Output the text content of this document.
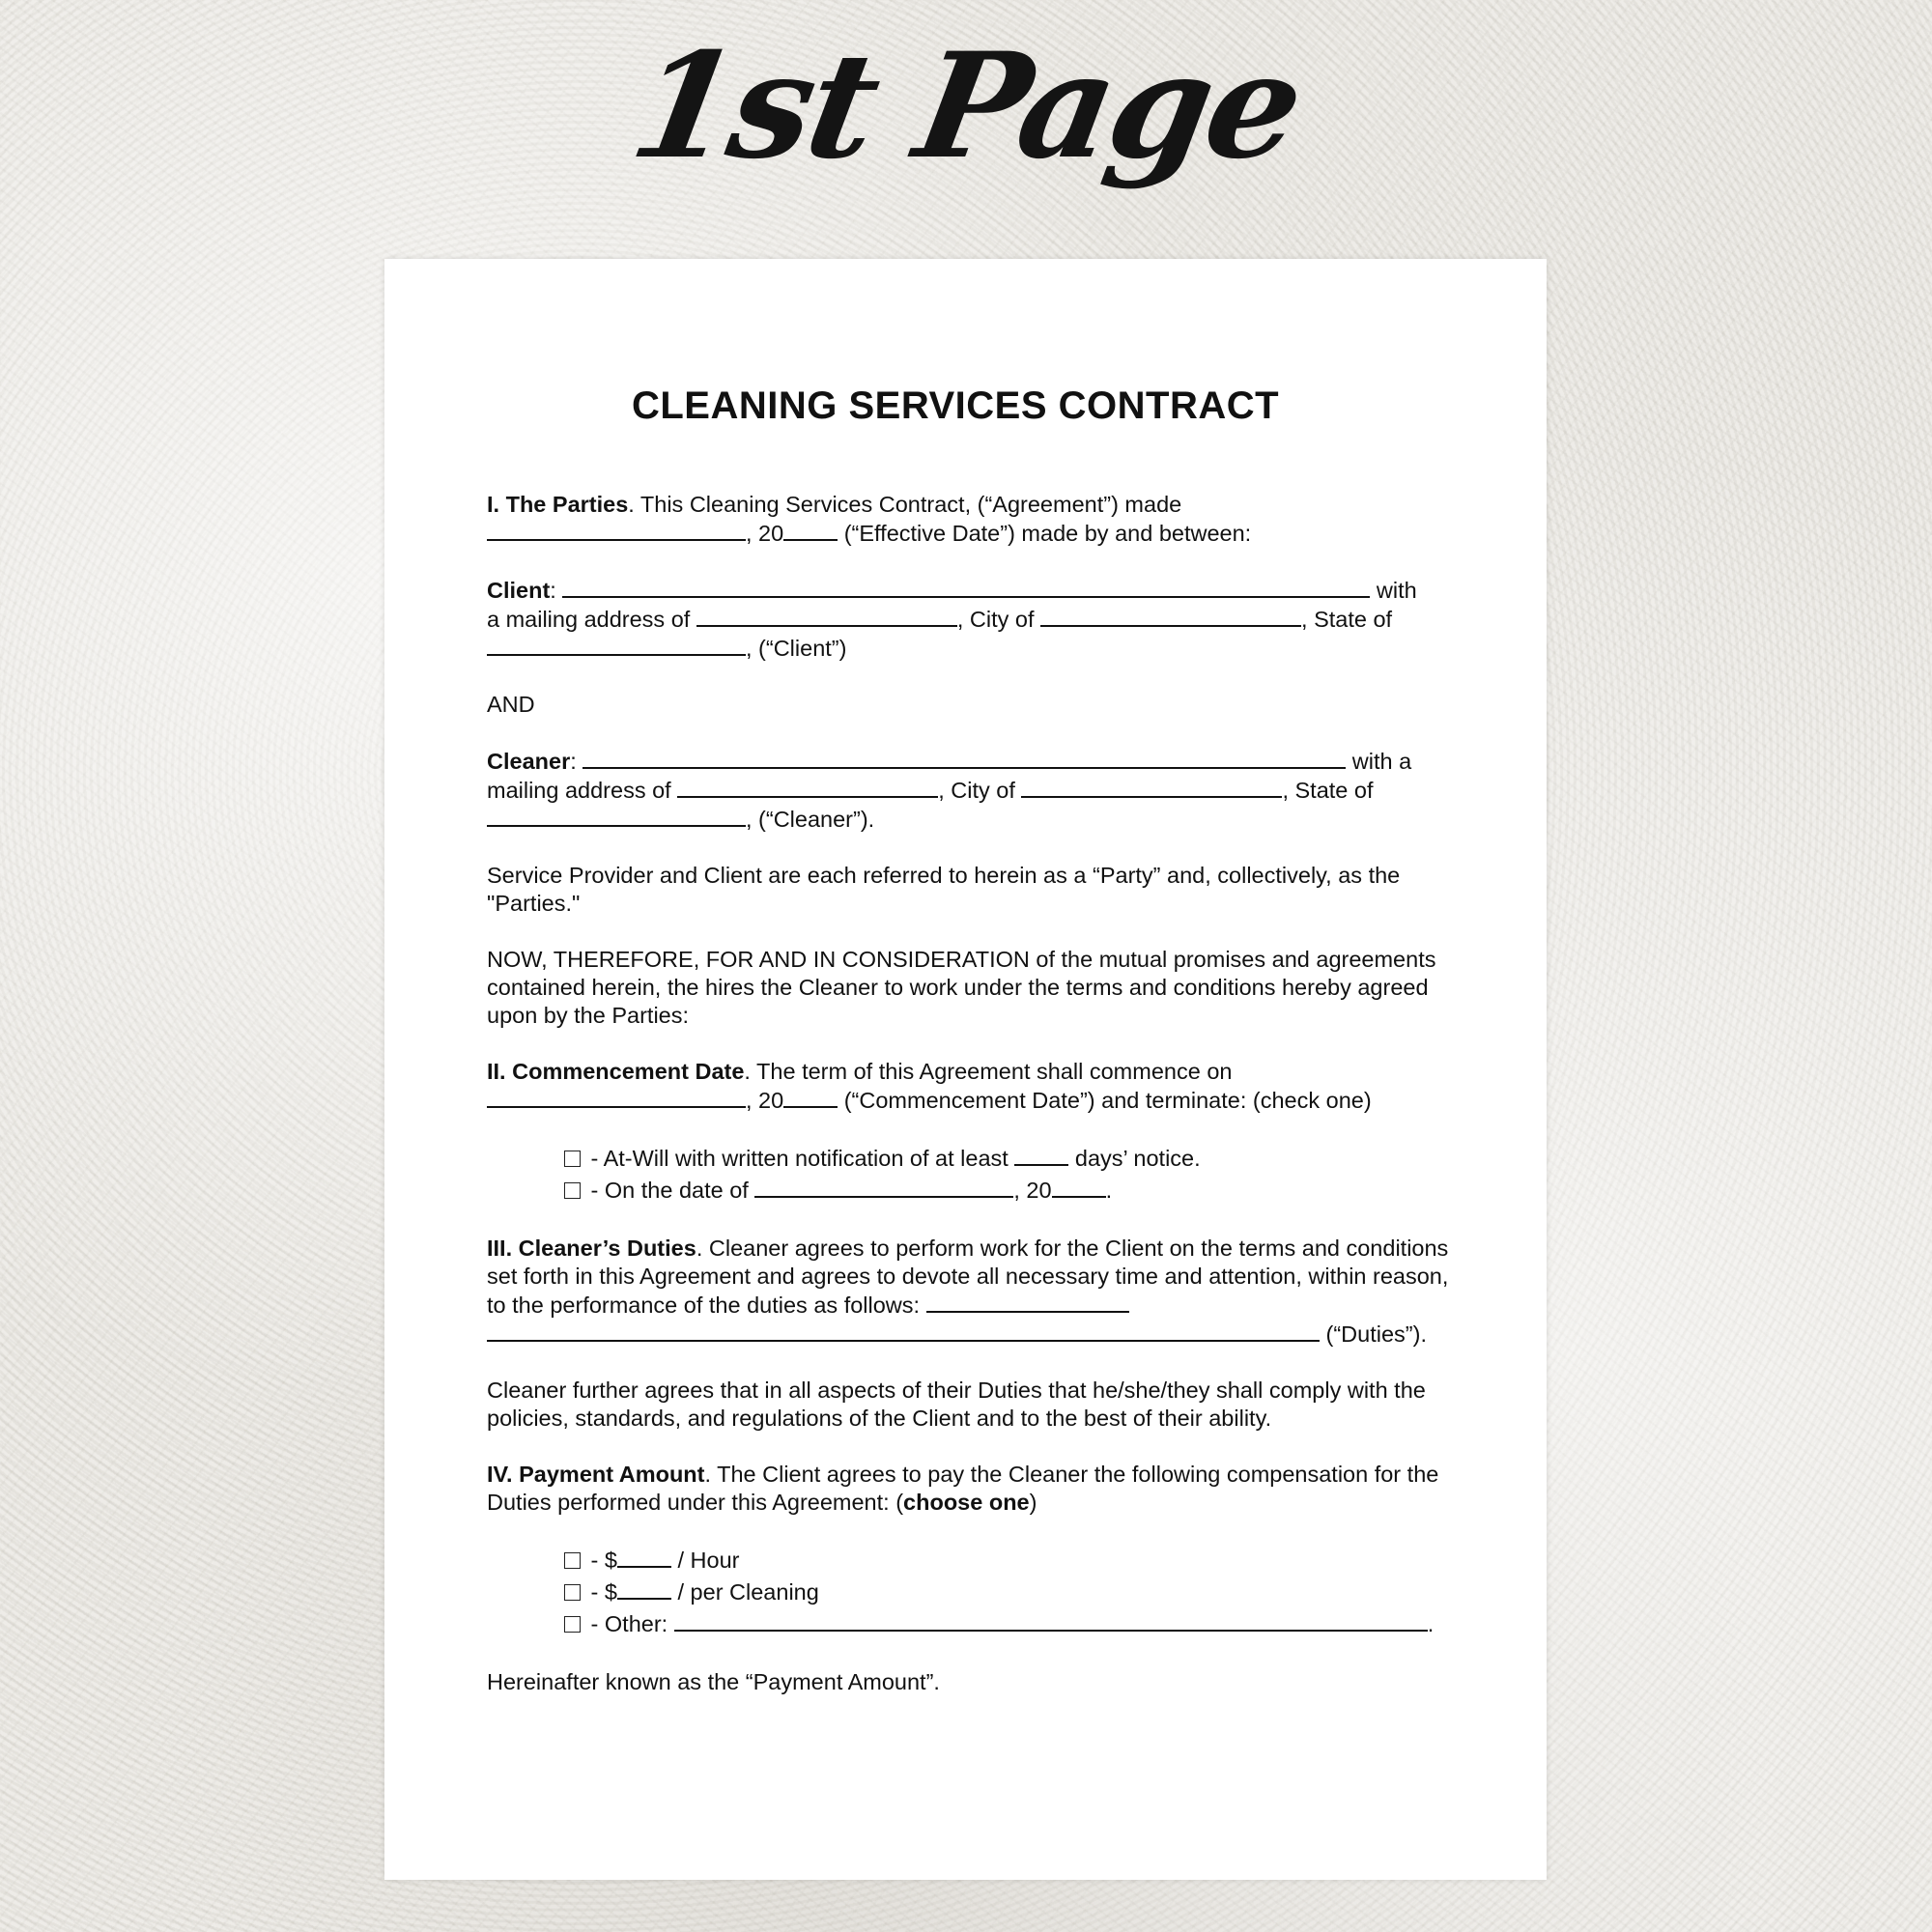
1st Page
CLEANING SERVICES CONTRACT

I. The Parties. This Cleaning Services Contract, (“Agreement”) made
, 20 (“Effective Date”) made by and between:

Client:	with
a mailing address of	, City of	, State of
, (“Client”)

AND

Cleaner:	with a
mailing address of	, City of	, State of
, (“Cleaner”).

Service Provider and Client are each referred to herein as a “Party” and, collectively, as the "Parties."

NOW, THEREFORE, FOR AND IN CONSIDERATION of the mutual promises and agreements contained herein, the hires the Cleaner to work under the terms and conditions hereby agreed upon by the Parties:

II. Commencement Date. The term of this Agreement shall commence on
, 20 (“Commencement Date”) and terminate: (check one)

- At-Will with written notification of at least  days’ notice.
- On the date of	, 20 .

III. Cleaner’s Duties. Cleaner agrees to perform work for the Client on the terms and conditions set forth in this Agreement and agrees to devote all necessary time and attention, within reason, to the performance of the duties as follows:
(“Duties”).

Cleaner further agrees that in all aspects of their Duties that he/she/they shall comply with the policies, standards, and regulations of the Client and to the best of their ability.

IV. Payment Amount. The Client agrees to pay the Cleaner the following compensation for the Duties performed under this Agreement: (choose one)

- $ / Hour
- $ / per Cleaning
- Other:	.

Hereinafter known as the “Payment Amount”.
